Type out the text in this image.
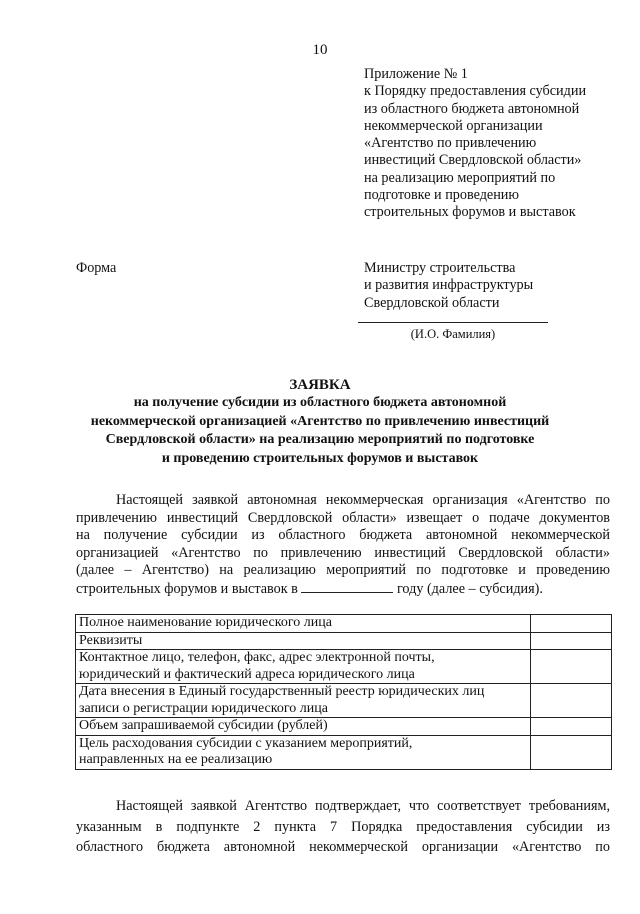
10
Приложение № 1
к Порядку предоставления субсидии
из областного бюджета автономной
некоммерческой организации
«Агентство по привлечению
инвестиций Свердловской области»
на реализацию мероприятий по
подготовке и проведению
строительных форумов и выставок
Форма	Министру строительства
и развития инфраструктуры
Свердловской области
(И.О. Фамилия)
ЗАЯВКА
на получение субсидии из областного бюджета автономной
некоммерческой организацией «Агентство по привлечению инвестиций
Свердловской области» на реализацию мероприятий по подготовке
и проведению строительных форумов и выставок
Настоящей заявкой автономная некоммерческая организация «Агентство по
привлечению инвестиций Свердловской области» извещает о подаче документов
на получение субсидии из областного бюджета автономной некоммерческой
организацией «Агентство по привлечению инвестиций Свердловской области»
(далее – Агентство) на реализацию мероприятий по подготовке и проведению
строительных форумов и выставок в	году (далее – субсидия).
Полное наименование юридического лица	

Реквизиты	

Контактное лицо, телефон, факс, адрес электронной почты,
юридический и фактический адреса юридического лица	

Дата внесения в Единый государственный реестр юридических лиц
записи о регистрации юридического лица	

Объем запрашиваемой субсидии (рублей)	

Цель расходования субсидии с указанием мероприятий,
направленных на ее реализацию	

Настоящей заявкой Агентство подтверждает, что соответствует требованиям,
указанным в подпункте 2 пункта 7 Порядка предоставления субсидии из
областного бюджета автономной некоммерческой организации «Агентство по
